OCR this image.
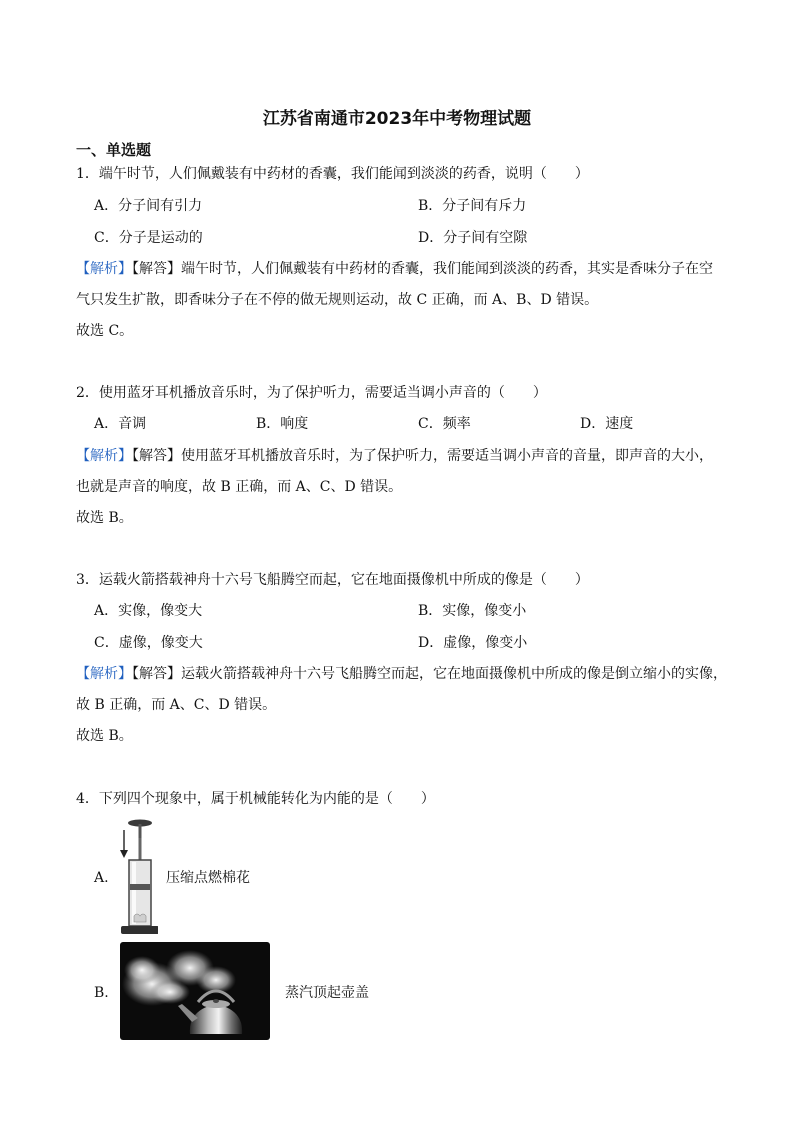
江苏省南通市2023年中考物理试题
一、单选题
1．端午时节，人们佩戴装有中药材的香囊，我们能闻到淡淡的药香，说明（　　）
A．分子间有引力	B．分子间有斥力
C．分子是运动的	D．分子间有空隙
【解析】【解答】端午时节，人们佩戴装有中药材的香囊，我们能闻到淡淡的药香，其实是香味分子在空
气只发生扩散，即香味分子在不停的做无规则运动，故 C 正确，而 A、B、D 错误。
故选 C。
2．使用蓝牙耳机播放音乐时，为了保护听力，需要适当调小声音的（　　）
A．音调	B．响度	C．频率	D．速度
【解析】【解答】使用蓝牙耳机播放音乐时，为了保护听力，需要适当调小声音的音量，即声音的大小，
也就是声音的响度，故 B 正确，而 A、C、D 错误。
故选 B。
3．运载火箭搭载神舟十六号飞船腾空而起，它在地面摄像机中所成的像是（　　）
A．实像，像变大	B．实像，像变小
C．虚像，像变大	D．虚像，像变小
【解析】【解答】运载火箭搭载神舟十六号飞船腾空而起，它在地面摄像机中所成的像是倒立缩小的实像，
故 B 正确，而 A、C、D 错误。
故选 B。
4．下列四个现象中，属于机械能转化为内能的是（　　）
A.	压缩点燃棉花
B.	蒸汽顶起壶盖
